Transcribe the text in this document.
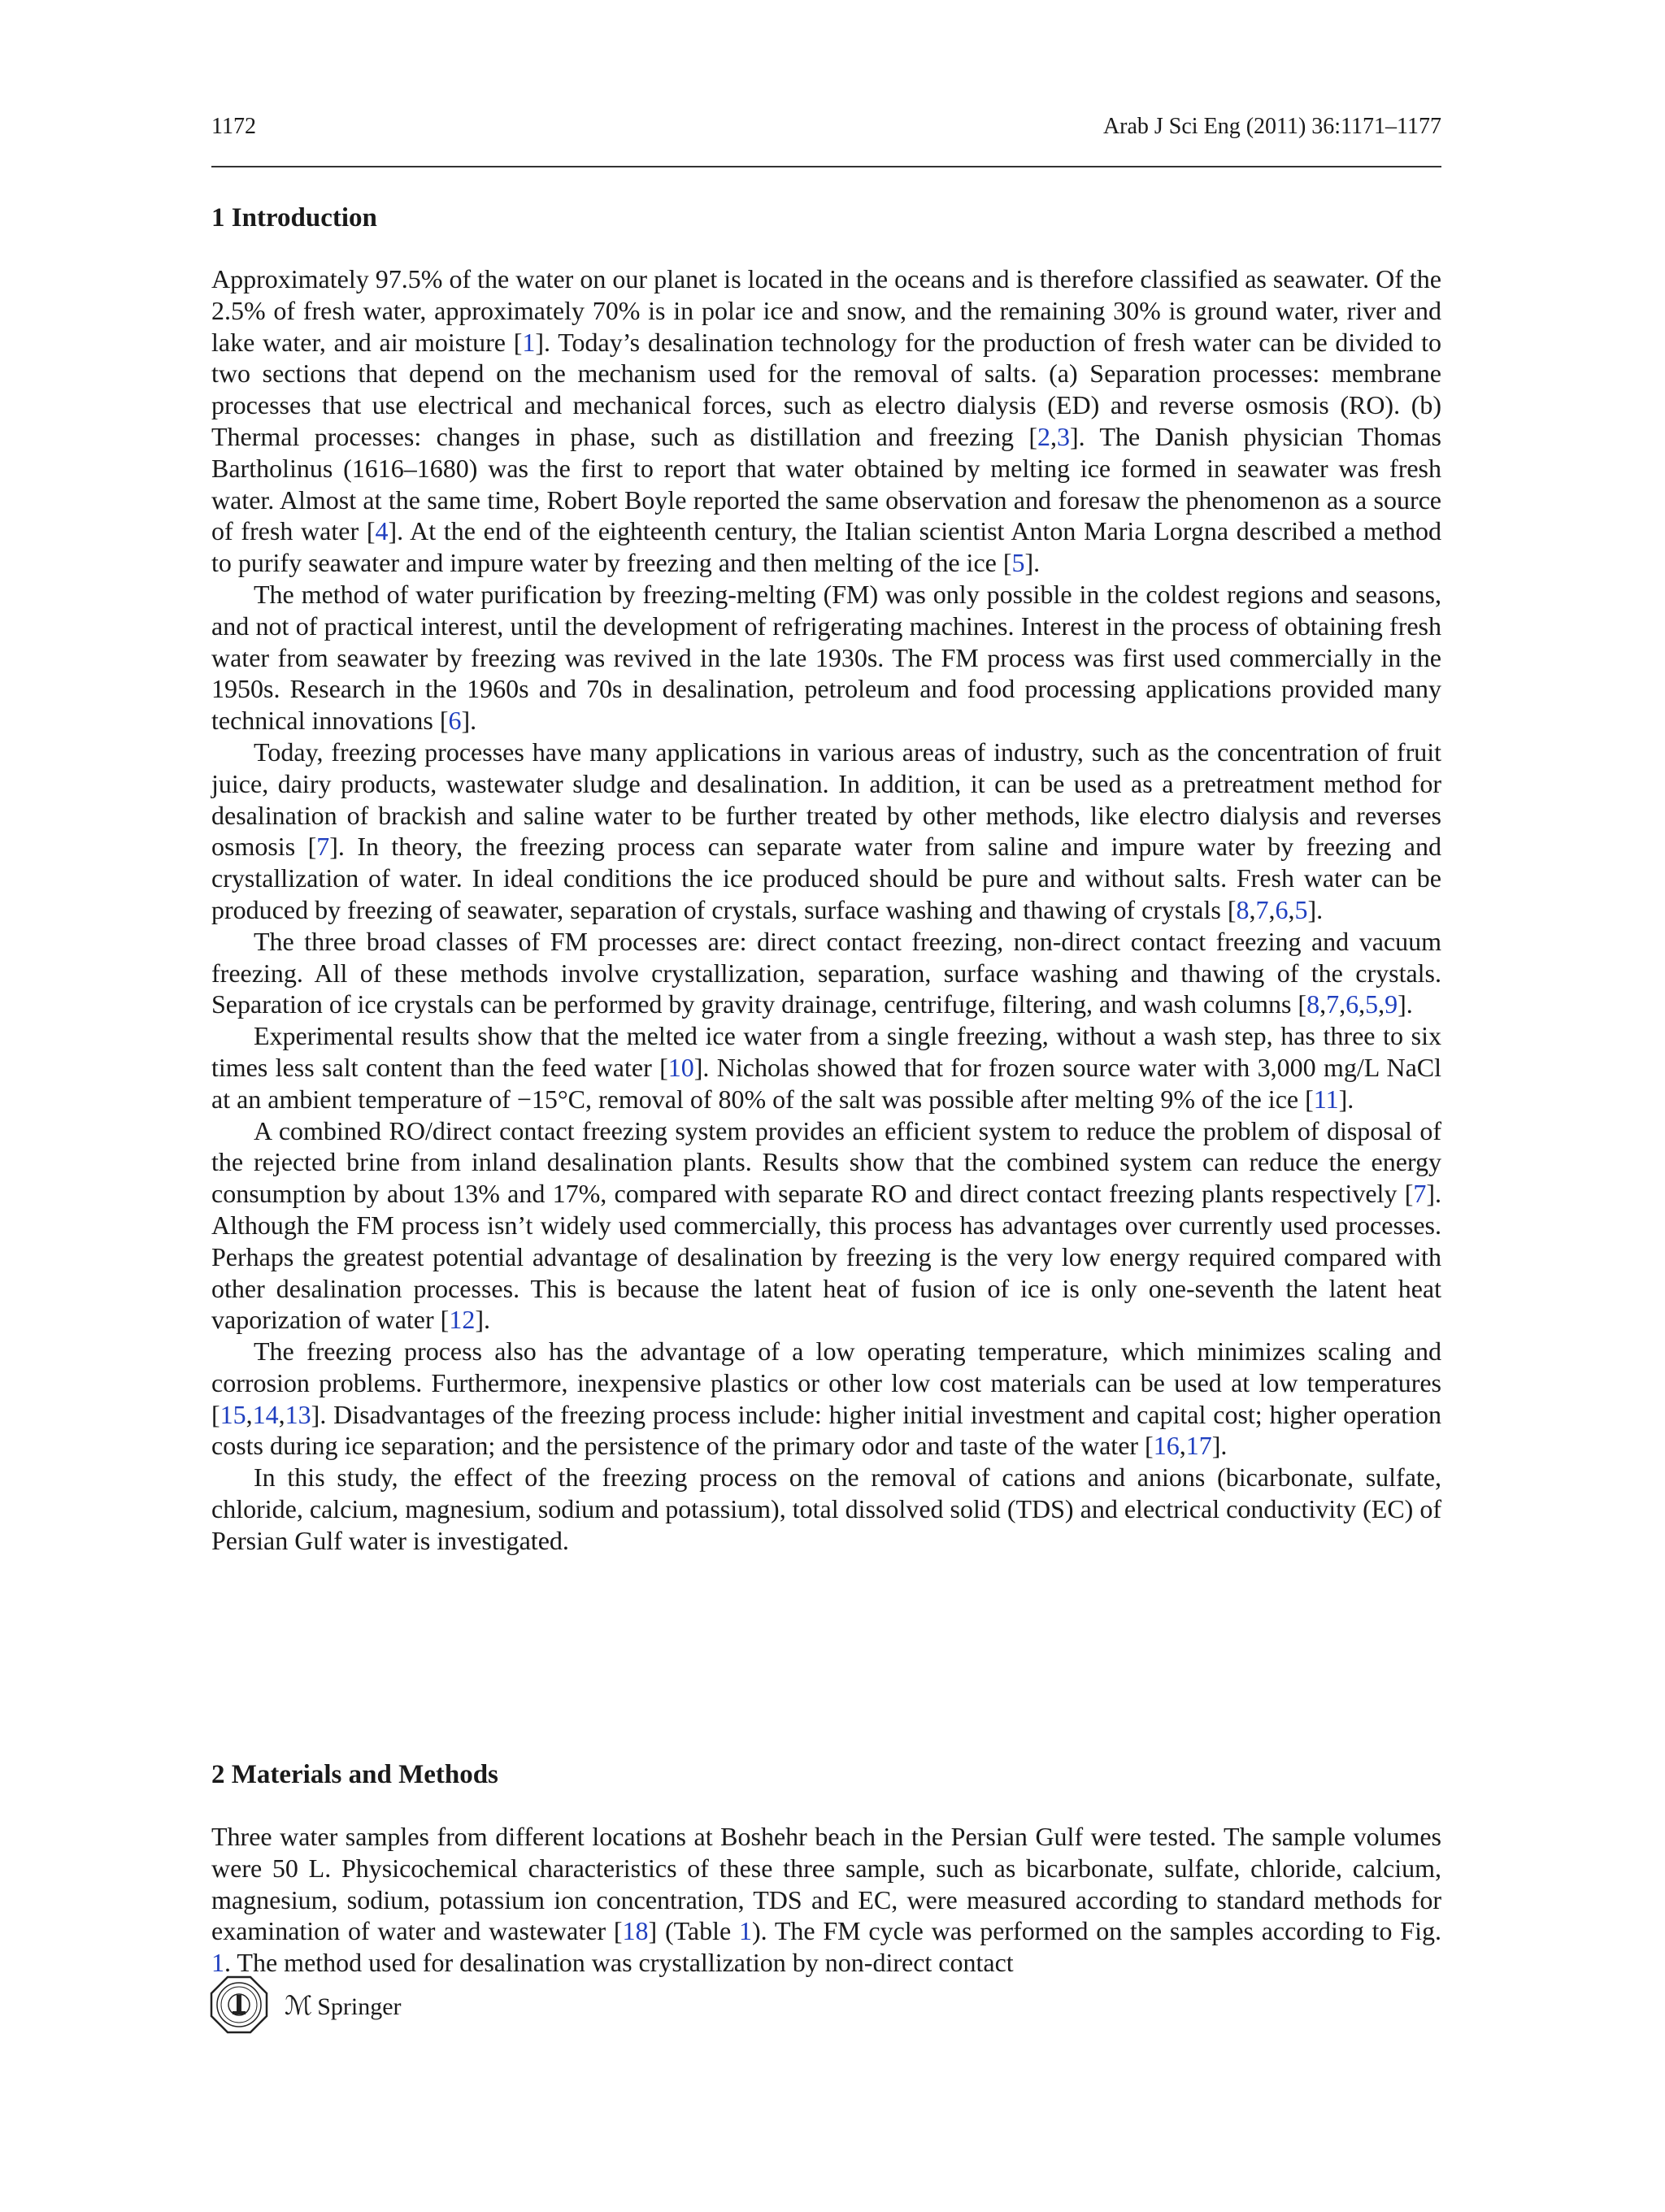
1172	Arab J Sci Eng (2011) 36:1171–1177
1 Introduction

Approximately 97.5% of the water on our planet is located in the oceans and is therefore classified as seawater. Of the 2.5% of fresh water, approximately 70% is in polar ice and snow, and the remaining 30% is ground water, river and lake water, and air moisture [1]. Today’s desalination technology for the production of fresh water can be divided to two sections that depend on the mechanism used for the removal of salts. (a) Separation processes: membrane processes that use electrical and mechanical forces, such as electro dialysis (ED) and reverse osmosis (RO). (b) Thermal processes: changes in phase, such as distillation and freezing [2,3]. The Danish physician Thomas Bartholinus (1616–1680) was the first to report that water obtained by melting ice formed in seawater was fresh water. Almost at the same time, Robert Boyle reported the same observation and foresaw the phenomenon as a source of fresh water [4]. At the end of the eighteenth century, the Italian scientist Anton Maria Lorgna described a method to purify seawater and impure water by freezing and then melting of the ice [5].

The method of water purification by freezing-melting (FM) was only possible in the coldest regions and seasons, and not of practical interest, until the development of refrigerating machines. Interest in the process of obtaining fresh water from seawater by freezing was revived in the late 1930s. The FM process was first used commercially in the 1950s. Research in the 1960s and 70s in desalination, petroleum and food processing applications provided many technical innovations [6].

Today, freezing processes have many applications in various areas of industry, such as the concentration of fruit juice, dairy products, wastewater sludge and desalination. In addition, it can be used as a pretreatment method for desalination of brackish and saline water to be further treated by other methods, like electro dialysis and reverses osmosis [7]. In theory, the freezing process can separate water from saline and impure water by freezing and crystallization of water. In ideal conditions the ice produced should be pure and without salts. Fresh water can be produced by freezing of seawater, separation of crystals, surface washing and thawing of crystals [8,7,6,5].

The three broad classes of FM processes are: direct contact freezing, non-direct contact freezing and vacuum freezing. All of these methods involve crystallization, separation, surface washing and thawing of the crystals. Separation of ice crystals can be performed by gravity drainage, centrifuge, filtering, and wash columns [8,7,6,5,9].

Experimental results show that the melted ice water from a single freezing, without a wash step, has three to six times less salt content than the feed water [10]. Nicholas showed that for frozen source water with 3,000 mg/L NaCl at an ambient temperature of −15°C, removal of 80% of the salt was possible after melting 9% of the ice [11].

A combined RO/direct contact freezing system provides an efficient system to reduce the problem of disposal of the rejected brine from inland desalination plants. Results show that the combined system can reduce the energy consumption by about 13% and 17%, compared with separate RO and direct contact freezing plants respectively [7]. Although the FM process isn’t widely used commercially, this process has advantages over currently used processes. Perhaps the greatest potential advantage of desalination by freezing is the very low energy required compared with other desalination processes. This is because the latent heat of fusion of ice is only one-seventh the latent heat vaporization of water [12].

The freezing process also has the advantage of a low operating temperature, which minimizes scaling and corrosion problems. Furthermore, inexpensive plastics or other low cost materials can be used at low temperatures [15,14,13]. Disadvantages of the freezing process include: higher initial investment and capital cost; higher operation costs during ice separation; and the persistence of the primary odor and taste of the water [16,17].

In this study, the effect of the freezing process on the removal of cations and anions (bicarbonate, sulfate, chloride, calcium, magnesium, sodium and potassium), total dissolved solid (TDS) and electrical conductivity (EC) of Persian Gulf water is investigated.

2 Materials and Methods

Three water samples from different locations at Boshehr beach in the Persian Gulf were tested. The sample volumes were 50 L. Physicochemical characteristics of these three sample, such as bicarbonate, sulfate, chloride, calcium, magnesium, sodium, potassium ion concentration, TDS and EC, were measured according to standard methods for examination of water and wastewater [18] (Table 1). The FM cycle was performed on the samples according to Fig. 1. The method used for desalination was crystallization by non-direct contact

ℳ Springer
